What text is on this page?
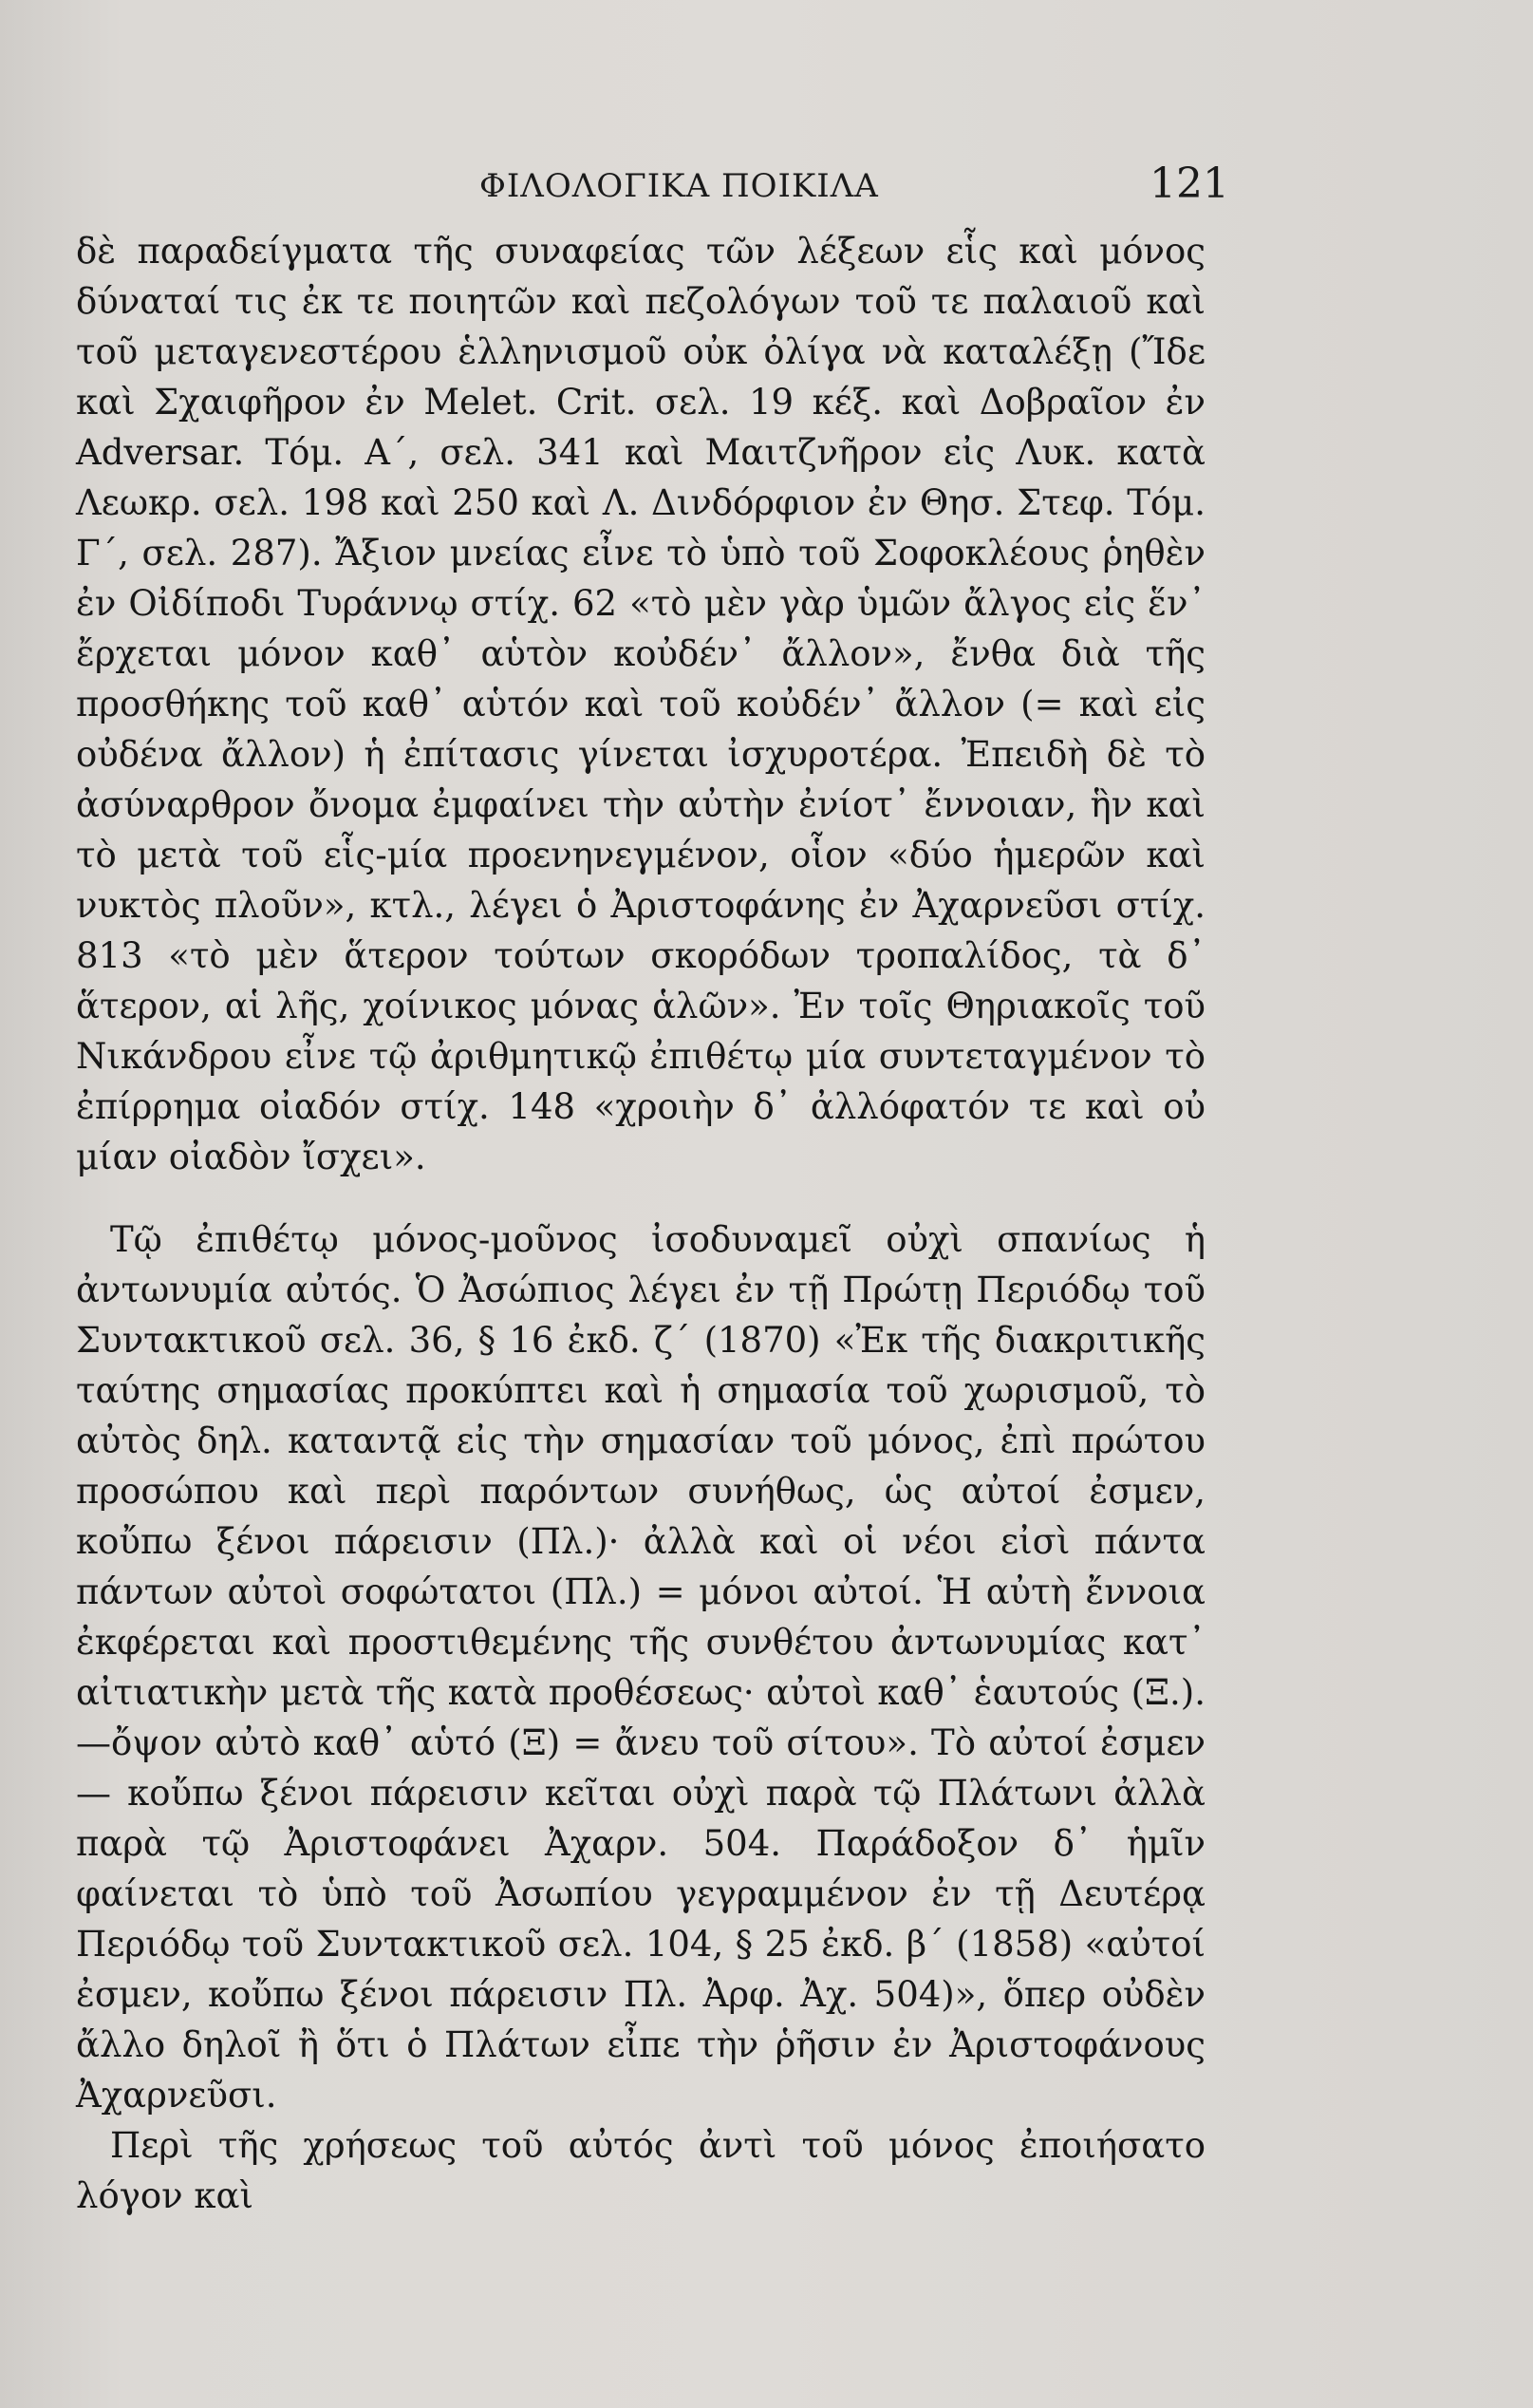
ΦΙΛΟΛΟΓΙΚΑ ΠΟΙΚΙΛΑ	121

δὲ παραδείγματα τῆς συναφείας τῶν λέξεων εἷς καὶ μόνος δύναταί τις ἐκ τε ποιητῶν καὶ πεζολόγων τοῦ τε παλαιοῦ καὶ τοῦ μεταγενεστέρου ἑλληνισμοῦ οὐκ ὀλίγα νὰ καταλέξῃ (Ἴδε καὶ Σχαιφῆρον ἐν Melet. Crit. σελ. 19 κέξ. καὶ Δοβραῖον ἐν Adversar. Τόμ. Α΄, σελ. 341 καὶ Μαιτζνῆρον εἰς Λυκ. κατὰ Λεωκρ. σελ. 198 καὶ 250 καὶ Λ. Δινδόρφιον ἐν Θησ. Στεφ. Τόμ. Γ΄, σελ. 287). Ἄξιον μνείας εἶνε τὸ ὑπὸ τοῦ Σοφοκλέους ῥηθὲν ἐν Οἰδίποδι Τυράννῳ στίχ. 62 «τὸ μὲν γὰρ ὑμῶν ἄλγος εἰς ἕν᾽ ἔρχεται μόνον καθ᾽ αὑτὸν κοὐδέν᾽ ἄλλον», ἔνθα διὰ τῆς προσθήκης τοῦ καθ᾽ αὑτόν καὶ τοῦ κοὐδέν᾽ ἄλλον (= καὶ εἰς οὐδένα ἄλλον) ἡ ἐπίτασις γίνεται ἰσχυροτέρα. Ἐπειδὴ δὲ τὸ ἀσύναρθρον ὄνομα ἐμφαίνει τὴν αὐτὴν ἐνίοτ᾽ ἔννοιαν, ἣν καὶ τὸ μετὰ τοῦ εἷς-μία προενηνεγμένον, οἷον «δύο ἡμερῶν καὶ νυκτὸς πλοῦν», κτλ., λέγει ὁ Ἀριστοφάνης ἐν Ἀχαρνεῦσι στίχ. 813 «τὸ μὲν ἅτερον τούτων σκορόδων τροπαλίδος, τὰ δ᾽ ἅτερον, αἱ λῆς, χοίνικος μόνας ἁλῶν». Ἐν τοῖς Θηριακοῖς τοῦ Νικάνδρου εἶνε τῷ ἀριθμητικῷ ἐπιθέτῳ μία συντεταγμένον τὸ ἐπίρρημα οἰαδόν στίχ. 148 «χροιὴν δ᾽ ἀλλόφατόν τε καὶ οὐ μίαν οἰαδὸν ἴσχει».

Τῷ ἐπιθέτῳ μόνος-μοῦνος ἰσοδυναμεῖ οὐχὶ σπανίως ἡ ἀντωνυμία αὐτός. Ὁ Ἀσώπιος λέγει ἐν τῇ Πρώτῃ Περιόδῳ τοῦ Συντακτικοῦ σελ. 36, § 16 ἐκδ. ζ΄ (1870) «Ἐκ τῆς διακριτικῆς ταύτης σημασίας προκύπτει καὶ ἡ σημασία τοῦ χωρισμοῦ, τὸ αὐτὸς δηλ. καταντᾷ εἰς τὴν σημασίαν τοῦ μόνος, ἐπὶ πρώτου προσώπου καὶ περὶ παρόντων συνήθως, ὡς αὐτοί ἐσμεν, κοὔπω ξένοι πάρεισιν (Πλ.)· ἀλλὰ καὶ οἱ νέοι εἰσὶ πάντα πάντων αὐτοὶ σοφώτατοι (Πλ.) = μόνοι αὐτοί. Ἡ αὐτὴ ἔννοια ἐκφέρεται καὶ προστιθεμένης τῆς συνθέτου ἀντωνυμίας κατ᾽ αἰτιατικὴν μετὰ τῆς κατὰ προθέσεως· αὐτοὶ καθ᾽ ἑαυτούς (Ξ.). —ὄψον αὐτὸ καθ᾽ αὑτό (Ξ) = ἄνευ τοῦ σίτου». Τὸ αὐτοί ἐσμεν — κοὔπω ξένοι πάρεισιν κεῖται οὐχὶ παρὰ τῷ Πλάτωνι ἀλλὰ παρὰ τῷ Ἀριστοφάνει Ἀχαρν. 504. Παράδοξον δ᾽ ἡμῖν φαίνεται τὸ ὑπὸ τοῦ Ἀσωπίου γεγραμμένον ἐν τῇ Δευτέρᾳ Περιόδῳ τοῦ Συντακτικοῦ σελ. 104, § 25 ἐκδ. β΄ (1858) «αὐτοί ἐσμεν, κοὔπω ξένοι πάρεισιν Πλ. Ἀρφ. Ἀχ. 504)», ὅπερ οὐδὲν ἄλλο δηλοῖ ἢ ὅτι ὁ Πλάτων εἶπε τὴν ῥῆσιν ἐν Ἀριστοφάνους Ἀχαρνεῦσι.

Περὶ τῆς χρήσεως τοῦ αὐτός ἀντὶ τοῦ μόνος ἐποιήσατο λόγον καὶ
